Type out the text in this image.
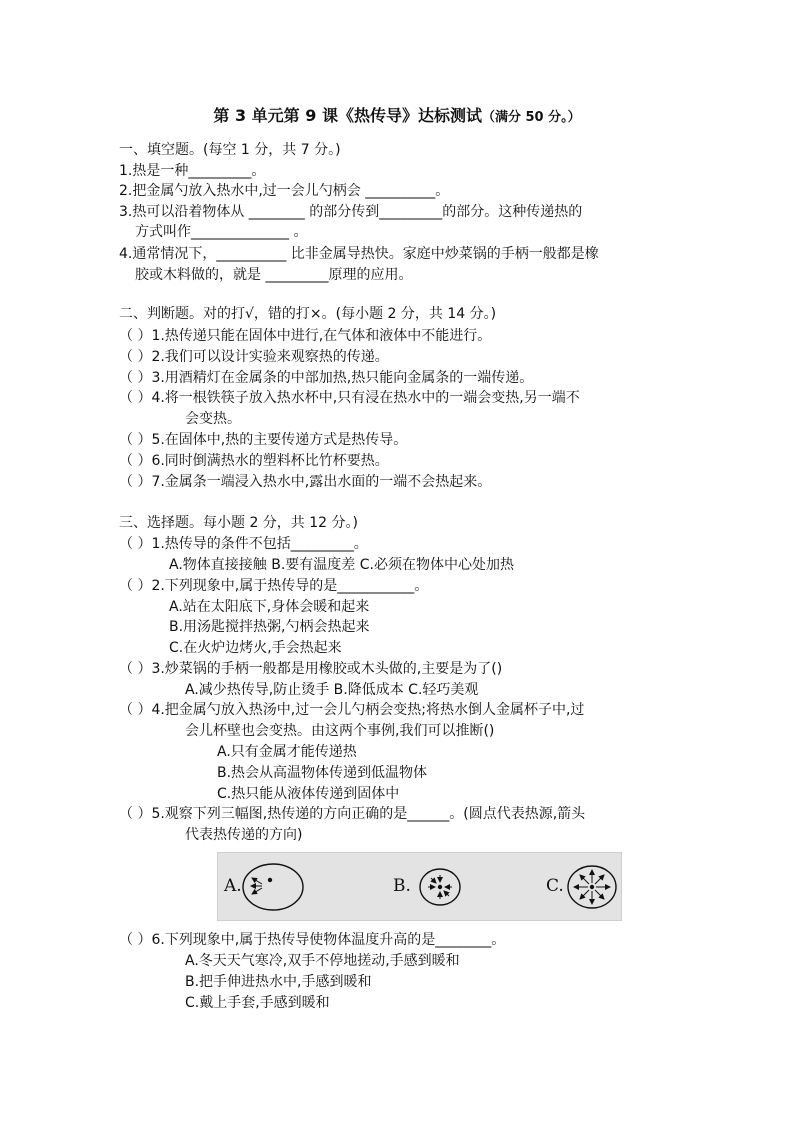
第 3 单元第 9 课《热传导》达标测试（满分 50 分。）
一、填空题。(每空 1 分，共 7 分。)
1.热是一种_________。
2.把金属勺放入热水中,过一会儿勺柄会 __________。
3.热可以沿着物体从 ________ 的部分传到_________的部分。这种传递热的
方式叫作______________ 。
4.通常情况下，__________ 比非金属导热快。家庭中炒菜锅的手柄一般都是橡
胶或木料做的，就是 _________原理的应用。
二、判断题。对的打√，错的打×。(每小题 2 分，共 14 分。)
（ ）1.热传递只能在固体中进行,在气体和液体中不能进行。
（ ）2.我们可以设计实验来观察热的传递。
（ ）3.用酒精灯在金属条的中部加热,热只能向金属条的一端传递。
（ ）4.将一根铁筷子放入热水杯中,只有浸在热水中的一端会变热,另一端不
会变热。
（ ）5.在固体中,热的主要传递方式是热传导。
（ ）6.同时倒满热水的塑料杯比竹杯要热。
（ ）7.金属条一端浸入热水中,露出水面的一端不会热起来。
三、选择题。每小题 2 分，共 12 分。)
（ ）1.热传导的条件不包括_________。
A.物体直接接触 B.要有温度差 C.必须在物体中心处加热
（ ）2.下列现象中,属于热传导的是___________。
A.站在太阳底下,身体会暖和起来
B.用汤匙搅拌热粥,勺柄会热起来
C.在火炉边烤火,手会热起来
（ ）3.炒菜锅的手柄一般都是用橡胶或木头做的,主要是为了()
A.减少热传导,防止烫手 B.降低成本 C.轻巧美观
（ ）4.把金属勺放入热汤中,过一会儿勺柄会变热;将热水倒人金属杯子中,过
会儿杯壁也会变热。由这两个事例,我们可以推断()
A.只有金属才能传递热
B.热会从高温物体传递到低温物体
C.热只能从液体传递到固体中
（ ）5.观察下列三幅图,热传递的方向正确的是______。(圆点代表热源,箭头
代表热传递的方向)
A.	B.	C.
（ ）6.下列现象中,属于热传导使物体温度升高的是________。
A.冬天天气寒冷,双手不停地搓动,手感到暖和
B.把手伸进热水中,手感到暖和
C.戴上手套,手感到暖和
